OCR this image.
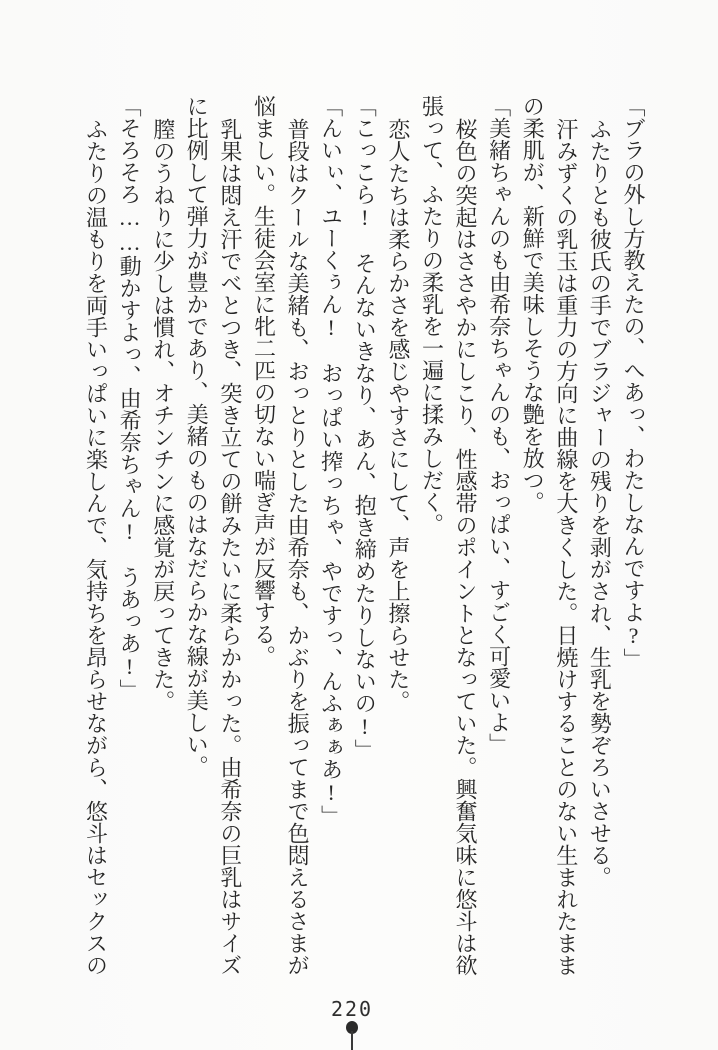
「ブラの外し方教えたの、へあっ、わたしなんですよ?」

ふたりとも彼氏の手でブラジャーの残りを剥がされ、生乳を勢ぞろいさせる。

汗みずくの乳玉は重力の方向に曲線を大きくした。日焼けすることのない生まれたまま

の柔肌が、新鮮で美味しそうな艶を放つ。

「美緒ちゃんのも由希奈ちゃんのも、おっぱい、すごく可愛いよ」

桜色の突起はささやかにしこり、性感帯のポイントとなっていた。興奮気味に悠斗は欲

張って、ふたりの柔乳を一遍に揉みしだく。

恋人たちは柔らかさを感じやすさにして、声を上擦らせた。

「こっこら!　そんないきなり、あん、抱き締めたりしないの!」

「んいぃ、ユーくぅん!　おっぱい搾っちゃ、やですっ、んふぁぁあ!」

普段はクールな美緒も、おっとりとした由希奈も、かぶりを振ってまで色悶えるさまが

悩ましい。生徒会室に牝二匹の切ない喘ぎ声が反響する。

乳果は悶え汗でべとつき、突き立ての餅みたいに柔らかかった。由希奈の巨乳はサイズ

に比例して弾力が豊かであり、美緒のものはなだらかな線が美しい。

膣のうねりに少しは慣れ、オチンチンに感覚が戻ってきた。

「そろそろ……動かすよっ、由希奈ちゃん!　うあっあ!」

ふたりの温もりを両手いっぱいに楽しんで、気持ちを昂らせながら、悠斗はセックスの

220
